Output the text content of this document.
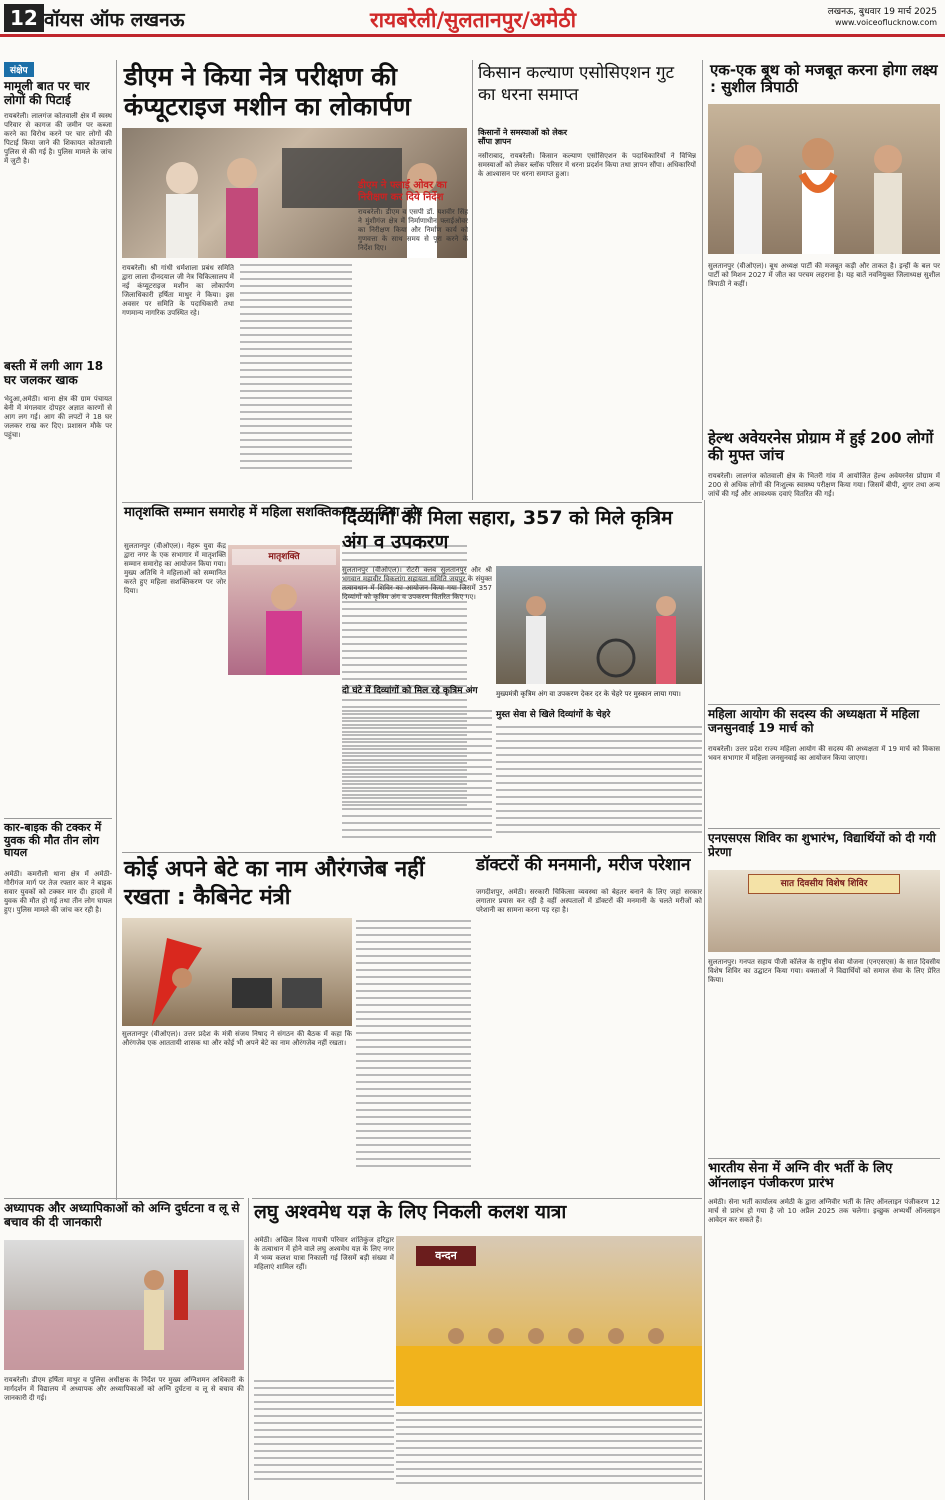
12 वॉयस ऑफ लखनऊ	रायबरेली/सुलतानपुर/अमेठी	लखनऊ, बुधवार 19 मार्च 2025
www.voiceoflucknow.com
संक्षेप
मामूली बात पर चार लोगों की पिटाई
रायबरेली। लालगंज कोतवाली क्षेत्र में स्वस्थ परिवार से कागज की जमीन पर कब्जा करने का विरोध करने पर चार लोगों की पिटाई किया जाने की शिकायत कोतवाली पुलिस से की गई है। पुलिस मामले के जांच में जुटी है।
बस्ती में लगी आग 18 घर जलकर खाक
भेदुआ,अमेठी। थाना क्षेत्र की ग्राम पंचायत बेनी में मंगलवार दोपहर अज्ञात कारणों से आग लग गई। आग की लपटों ने 18 घर जलकर राख कर दिए। प्रशासन मौके पर पहुंचा।
कार-बाइक की टक्कर में युवक की मौत तीन लोग घायल
अमेठी। कमरौली थाना क्षेत्र में अमेठी-गौरीगंज मार्ग पर तेज रफ्तार कार ने बाइक सवार युवकों को टक्कर मार दी। हादसे में युवक की मौत हो गई तथा तीन लोग घायल हुए। पुलिस मामले की जांच कर रही है।
डीएम ने किया नेत्र परीक्षण की कंप्यूटराइज मशीन का लोकार्पण
रायबरेली। श्री गांधी धर्मशाला प्रबंध समिति द्वारा लाला दीनदयाल जी नेत्र चिकित्सालय में नई कंप्यूटराइज मशीन का लोकार्पण जिलाधिकारी हर्षिता माथुर ने किया। इस अवसर पर समिति के पदाधिकारी तथा गणमान्य नागरिक उपस्थित रहे।
डीएम ने फ्लाई ओवर का निरीक्षण कर दिये निर्देश
रायबरेली। डीएम व एसपी डॉ. यशवीर सिंह ने मुंशीगंज क्षेत्र में निर्माणाधीन फ्लाईओवर का निरीक्षण किया और निर्माण कार्य को गुणवत्ता के साथ समय से पूरा करने के निर्देश दिए।
किसान कल्याण एसोसिएशन गुट का धरना समाप्त
किसानों ने समस्याओं को लेकर सौंपा ज्ञापन
नसीराबाद, रायबरेली। किसान कल्याण एसोसिएशन के पदाधिकारियों ने विभिन्न समस्याओं को लेकर ब्लॉक परिसर में धरना प्रदर्शन किया तथा ज्ञापन सौंपा। अधिकारियों के आश्वासन पर धरना समाप्त हुआ।
एक-एक बूथ को मजबूत करना होगा लक्ष्य : सुशील त्रिपाठी
सुलतानपुर (वीओएल)। बूथ अध्यक्ष पार्टी की मजबूत कड़ी और ताकत है। इन्हीं के बल पर पार्टी को मिशन 2027 में जीत का परचम लहराना है। यह बातें नवनियुक्त जिलाध्यक्ष सुशील त्रिपाठी ने कहीं।
हेल्थ अवेयरनेस प्रोग्राम में हुई 200 लोगों की मुफ्त जांच
रायबरेली। लालगंज कोतवाली क्षेत्र के भितरी गांव में आयोजित हेल्थ अवेयरनेस प्रोग्राम में 200 से अधिक लोगों की निःशुल्क स्वास्थ्य परीक्षण किया गया। जिसमें बीपी, शुगर तथा अन्य जांचें की गईं और आवश्यक दवाएं वितरित की गईं।
मातृशक्ति सम्मान समारोह में महिला सशक्तिकरण पर दिया जोर
सुलतानपुर (वीओएल)। नेहरू युवा केंद्र द्वारा नगर के एक सभागार में मातृशक्ति सम्मान समारोह का आयोजन किया गया। मुख्य अतिथि ने महिलाओं को सम्मानित करते हुए महिला सशक्तिकरण पर जोर दिया।
मातृशक्ति
दिव्यांगों को मिला सहारा, 357 को मिले कृत्रिम अंग व उपकरण
सुलतानपुर (वीओएल)। रोटरी क्लब सुलतानपुर और श्री भगवान महावीर विकलांग सहायता समिति जयपुर के संयुक्त तत्वावधान में शिविर का आयोजन किया गया जिसमें 357 दिव्यांगों को कृत्रिम अंग व उपकरण वितरित किए गए।
दो घंटे में दिव्यांगों को मिल रहे कृत्रिम अंग	मुख्यमंत्री कृत्रिम अंग वा उपकरण देकर दर के चेहरे पर मुस्कान लाया गया।
मुस्त सेवा से खिले दिव्यांगों के चेहरे	महिला आयोग की सदस्य की अध्यक्षता में महिला जनसुनवाई 19 मार्च को
रायबरेली। उत्तर प्रदेश राज्य महिला आयोग की सदस्य की अध्यक्षता में 19 मार्च को विकास भवन सभागार में महिला जनसुनवाई का आयोजन किया जाएगा।
एनएसएस शिविर का शुभारंभ, विद्यार्थियों को दी गयी प्रेरणा
सात दिवसीय विशेष शिविर
सुलतानपुर। गनपत सहाय पीजी कॉलेज के राष्ट्रीय सेवा योजना (एनएसएस) के सात दिवसीय विशेष शिविर का उद्घाटन किया गया। वक्ताओं ने विद्यार्थियों को समाज सेवा के लिए प्रेरित किया।
भारतीय सेना में अग्नि वीर भर्ती के लिए ऑनलाइन पंजीकरण प्रारंभ
अमेठी। सेना भर्ती कार्यालय अमेठी के द्वारा अग्निवीर भर्ती के लिए ऑनलाइन पंजीकरण 12 मार्च से प्रारंभ हो गया है जो 10 अप्रैल 2025 तक चलेगा। इच्छुक अभ्यर्थी ऑनलाइन आवेदन कर सकते हैं।
कोई अपने बेटे का नाम औरंगजेब नहीं रखता : कैबिनेट मंत्री
सुलतानपुर (वीओएल)। उत्तर प्रदेश के मंत्री संजय निषाद ने संगठन की बैठक में कहा कि औरंगजेब एक आततायी शासक था और कोई भी अपने बेटे का नाम औरंगजेब नहीं रखता।
डॉक्टरों की मनमानी, मरीज परेशान
जगदीशपुर, अमेठी। सरकारी चिकित्सा व्यवस्था को बेहतर बनाने के लिए जहां सरकार लगातार प्रयास कर रही है वहीं अस्पतालों में डॉक्टरों की मनमानी के चलते मरीजों को परेशानी का सामना करना पड़ रहा है।
अध्यापक और अध्यापिकाओं को अग्नि दुर्घटना व लू से बचाव की दी जानकारी
रायबरेली। डीएम हर्षिता माथुर व पुलिस अधीक्षक के निर्देश पर मुख्य अग्निशमन अधिकारी के मार्गदर्शन में विद्यालय में अध्यापक और अध्यापिकाओं को अग्नि दुर्घटना व लू से बचाव की जानकारी दी गई।
लघु अश्वमेध यज्ञ के लिए निकली कलश यात्रा
अमेठी। अखिल विश्व गायत्री परिवार शांतिकुंज हरिद्वार के तत्वाधान में होने वाले लघु अश्वमेध यज्ञ के लिए नगर में भव्य कलश यात्रा निकाली गई जिसमें बड़ी संख्या में महिलाएं शामिल रहीं।
वन्दन
